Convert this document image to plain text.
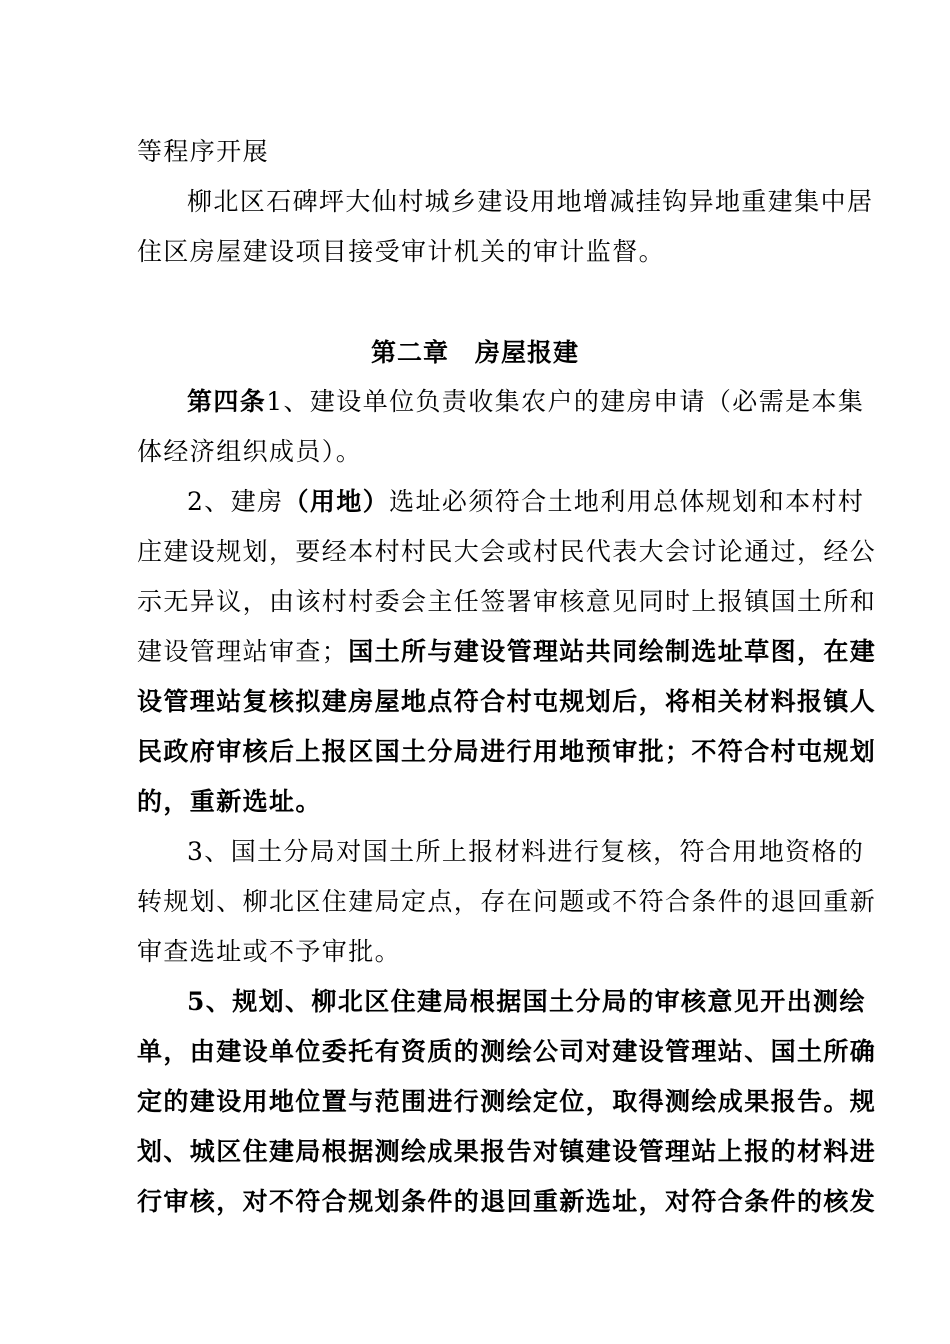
等程序开展
柳北区石碑坪大仙村城乡建设用地增减挂钩异地重建集中居
住区房屋建设项目接受审计机关的审计监督。
第二章 房屋报建
第四条1、建设单位负责收集农户的建房申请（必需是本集
体经济组织成员）。
2、建房（用地）选址必须符合土地利用总体规划和本村村
庄建设规划，要经本村村民大会或村民代表大会讨论通过，经公
示无异议，由该村村委会主任签署审核意见同时上报镇国土所和
建设管理站审查；国土所与建设管理站共同绘制选址草图，在建
设管理站复核拟建房屋地点符合村屯规划后，将相关材料报镇人
民政府审核后上报区国土分局进行用地预审批；不符合村屯规划
的，重新选址。
3、国土分局对国土所上报材料进行复核，符合用地资格的
转规划、柳北区住建局定点，存在问题或不符合条件的退回重新
审查选址或不予审批。
5、规划、柳北区住建局根据国土分局的审核意见开出测绘
单，由建设单位委托有资质的测绘公司对建设管理站、国土所确
定的建设用地位置与范围进行测绘定位，取得测绘成果报告。规
划、城区住建局根据测绘成果报告对镇建设管理站上报的材料进
行审核，对不符合规划条件的退回重新选址，对符合条件的核发
